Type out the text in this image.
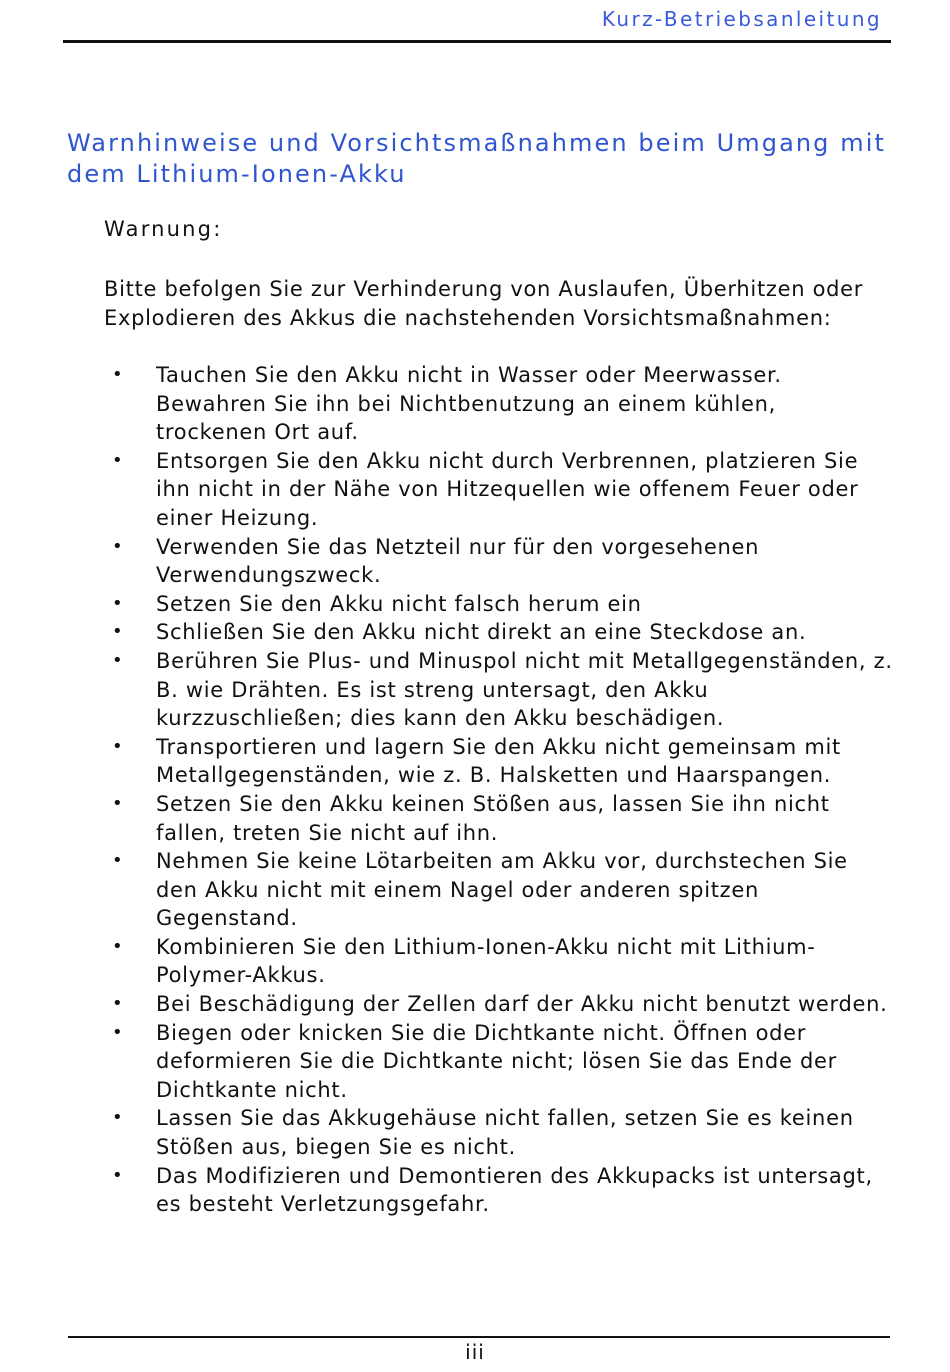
Kurz-Betriebsanleitung
Warnhinweise und Vorsichtsmaßnahmen beim Umgang mit dem Lithium-Ionen-Akku
Warnung:

Bitte befolgen Sie zur Verhinderung von Auslaufen, Überhitzen oder Explodieren des Akkus die nachstehenden Vorsichtsmaßnahmen:

• Tauchen Sie den Akku nicht in Wasser oder Meerwasser. Bewahren Sie ihn bei Nichtbenutzung an einem kühlen, trockenen Ort auf.
• Entsorgen Sie den Akku nicht durch Verbrennen, platzieren Sie ihn nicht in der Nähe von Hitzequellen wie offenem Feuer oder einer Heizung.
• Verwenden Sie das Netzteil nur für den vorgesehenen Verwendungszweck.
• Setzen Sie den Akku nicht falsch herum ein
• Schließen Sie den Akku nicht direkt an eine Steckdose an.
• Berühren Sie Plus- und Minuspol nicht mit Metallgegenständen, z. B. wie Drähten. Es ist streng untersagt, den Akku kurzzuschließen; dies kann den Akku beschädigen.
• Transportieren und lagern Sie den Akku nicht gemeinsam mit Metallgegenständen, wie z. B. Halsketten und Haarspangen.
• Setzen Sie den Akku keinen Stößen aus, lassen Sie ihn nicht fallen, treten Sie nicht auf ihn.
• Nehmen Sie keine Lötarbeiten am Akku vor, durchstechen Sie den Akku nicht mit einem Nagel oder anderen spitzen Gegenstand.
• Kombinieren Sie den Lithium-Ionen-Akku nicht mit Lithium-Polymer-Akkus.
• Bei Beschädigung der Zellen darf der Akku nicht benutzt werden.
• Biegen oder knicken Sie die Dichtkante nicht. Öffnen oder deformieren Sie die Dichtkante nicht; lösen Sie das Ende der Dichtkante nicht.
• Lassen Sie das Akkugehäuse nicht fallen, setzen Sie es keinen Stößen aus, biegen Sie es nicht.
• Das Modifizieren und Demontieren des Akkupacks ist untersagt, es besteht Verletzungsgefahr.
iii
